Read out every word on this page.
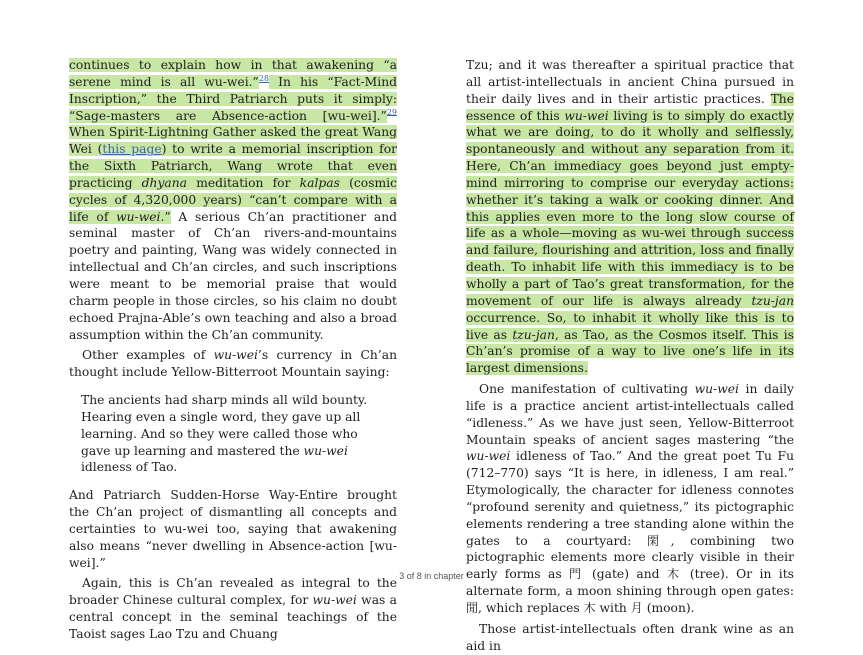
continues to explain how in that awakening “a serene mind is all wu-wei.”$^{28}$ In his “Fact-Mind Inscription,” the Third Patriarch puts it simply: “Sage-masters are Absence-action [wu-wei].”$^{29}$ When Spirit-Lightning Gather asked the great Wang Wei (this page) to write a memorial inscription for the Sixth Patriarch, Wang wrote that even practicing dhyana meditation for kalpas (cosmic cycles of 4,320,000 years) “can’t compare with a life of wu-wei.” A serious Ch’an practitioner and seminal master of Ch’an rivers-and-mountains poetry and painting, Wang was widely connected in intellectual and Ch’an circles, and such inscriptions were meant to be memorial praise that would charm people in those circles, so his claim no doubt echoed Prajna-Able’s own teaching and also a broad assumption within the Ch’an community.

Other examples of wu-wei’s currency in Ch’an thought include Yellow-Bitterroot Mountain saying:

The ancients had sharp minds all wild bounty. Hearing even a single word, they gave up all learning. And so they were called those who gave up learning and mastered the wu-wei idleness of Tao.

And Patriarch Sudden-Horse Way-Entire brought the Ch’an project of dismantling all concepts and certainties to wu-wei too, saying that awakening also means “never dwelling in Absence-action [wu-wei].”

Again, this is Ch’an revealed as integral to the broader Chinese cultural complex, for wu-wei was a central concept in the seminal teachings of the Taoist sages Lao Tzu and Chuang

Tzu; and it was thereafter a spiritual practice that all artist-intellectuals in ancient China pursued in their daily lives and in their artistic practices. The essence of this wu-wei living is to simply do exactly what we are doing, to do it wholly and selflessly, spontaneously and without any separation from it. Here, Ch’an immediacy goes beyond just empty-mind mirroring to comprise our everyday actions: whether it’s taking a walk or cooking dinner. And this applies even more to the long slow course of life as a whole—moving as wu-wei through success and failure, flourishing and attrition, loss and finally death. To inhabit life with this immediacy is to be wholly a part of Tao’s great transformation, for the movement of our life is always already tzu-jan occurrence. So, to inhabit it wholly like this is to live as tzu-jan, as Tao, as the Cosmos itself. This is Ch’an’s promise of a way to live one’s life in its largest dimensions.

One manifestation of cultivating wu-wei in daily life is a practice ancient artist-intellectuals called “idleness.” As we have just seen, Yellow-Bitterroot Mountain speaks of ancient sages mastering “the wu-wei idleness of Tao.” And the great poet Tu Fu (712–770) says “It is here, in idleness, I am real.” Etymologically, the character for idleness connotes “profound serenity and quietness,” its pictographic elements rendering a tree standing alone within the gates to a courtyard: 閑, combining two pictographic elements more clearly visible in their early forms as 門 (gate) and 木 (tree). Or in its alternate form, a moon shining through open gates: 閒, which replaces 木 with 月 (moon).

Those artist-intellectuals often drank wine as an aid in

3 of 8 in chapter
